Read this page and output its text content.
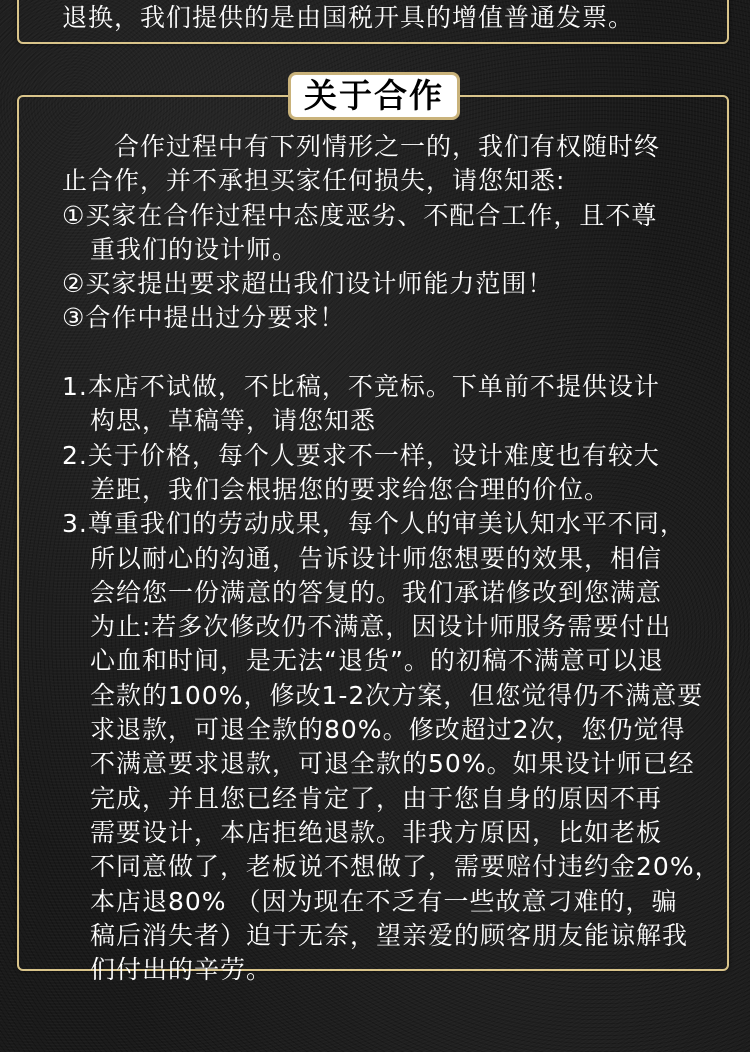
退换，我们提供的是由国税开具的增值普通发票。
关于合作
合作过程中有下列情形之一的，我们有权随时终
止合作，并不承担买家任何损失，请您知悉:
①买家在合作过程中态度恶劣、不配合工作，且不尊
重我们的设计师。
②买家提出要求超出我们设计师能力范围！
③合作中提出过分要求！
1.本店不试做，不比稿，不竞标。下单前不提供设计
构思，草稿等，请您知悉
2.关于价格，每个人要求不一样，设计难度也有较大
差距，我们会根据您的要求给您合理的价位。
3.尊重我们的劳动成果，每个人的审美认知水平不同，
所以耐心的沟通，告诉设计师您想要的效果，相信
会给您一份满意的答复的。我们承诺修改到您满意
为止:若多次修改仍不满意，因设计师服务需要付出
心血和时间，是无法“退货”。的初稿不满意可以退
全款的100%，修改1-2次方案，但您觉得仍不满意要
求退款，可退全款的80%。修改超过2次，您仍觉得
不满意要求退款，可退全款的50%。如果设计师已经
完成，并且您已经肯定了，由于您自身的原因不再
需要设计，本店拒绝退款。非我方原因，比如老板
不同意做了，老板说不想做了，需要赔付违约金20%，
本店退80% （因为现在不乏有一些故意刁难的，骗
稿后消失者）迫于无奈，望亲爱的顾客朋友能谅解我
们付出的辛劳。
